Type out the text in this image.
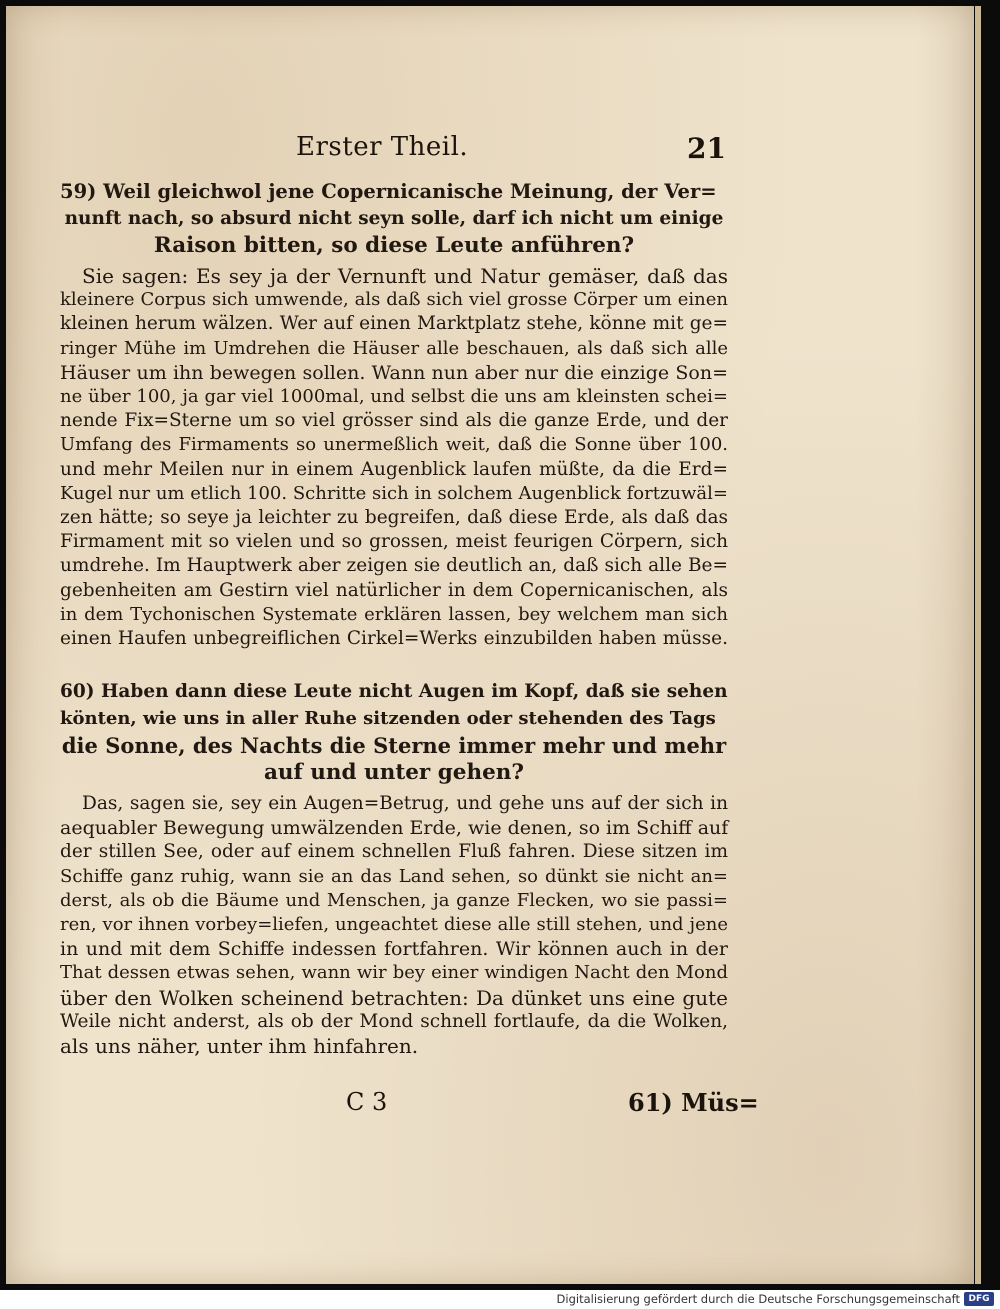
Erster Theil.	21

59) Weil gleichwol jene Copernicanische Meinung, der Ver=
nunft nach, so absurd nicht seyn solle, darf ich nicht um einige
Raison bitten, so diese Leute anführen?

Sie sagen: Es sey ja der Vernunft und Natur gemäser, daß das
kleinere Corpus sich umwende, als daß sich viel grosse Cörper um einen
kleinen herum wälzen. Wer auf einen Marktplatz stehe, könne mit ge=
ringer Mühe im Umdrehen die Häuser alle beschauen, als daß sich alle
Häuser um ihn bewegen sollen. Wann nun aber nur die einzige Son=
ne über 100, ja gar viel 1000mal, und selbst die uns am kleinsten schei=
nende Fix=Sterne um so viel grösser sind als die ganze Erde, und der
Umfang des Firmaments so unermeßlich weit, daß die Sonne über 100.
und mehr Meilen nur in einem Augenblick laufen müßte, da die Erd=
Kugel nur um etlich 100. Schritte sich in solchem Augenblick fortzuwäl=
zen hätte; so seye ja leichter zu begreifen, daß diese Erde, als daß das
Firmament mit so vielen und so grossen, meist feurigen Cörpern, sich
umdrehe. Im Hauptwerk aber zeigen sie deutlich an, daß sich alle Be=
gebenheiten am Gestirn viel natürlicher in dem Copernicanischen, als
in dem Tychonischen Systemate erklären lassen, bey welchem man sich
einen Haufen unbegreiflichen Cirkel=Werks einzubilden haben müsse.

60) Haben dann diese Leute nicht Augen im Kopf, daß sie sehen
könten, wie uns in aller Ruhe sitzenden oder stehenden des Tags
die Sonne, des Nachts die Sterne immer mehr und mehr
auf und unter gehen?

Das, sagen sie, sey ein Augen=Betrug, und gehe uns auf der sich in
aequabler Bewegung umwälzenden Erde, wie denen, so im Schiff auf
der stillen See, oder auf einem schnellen Fluß fahren. Diese sitzen im
Schiffe ganz ruhig, wann sie an das Land sehen, so dünkt sie nicht an=
derst, als ob die Bäume und Menschen, ja ganze Flecken, wo sie passi=
ren, vor ihnen vorbey=liefen, ungeachtet diese alle still stehen, und jene
in und mit dem Schiffe indessen fortfahren. Wir können auch in der
That dessen etwas sehen, wann wir bey einer windigen Nacht den Mond
über den Wolken scheinend betrachten: Da dünket uns eine gute
Weile nicht anderst, als ob der Mond schnell fortlaufe, da die Wolken,
als uns näher, unter ihm hinfahren.

C 3	61) Müs=
Digitalisierung gefördert durch die Deutsche Forschungsgemeinschaft DFG
